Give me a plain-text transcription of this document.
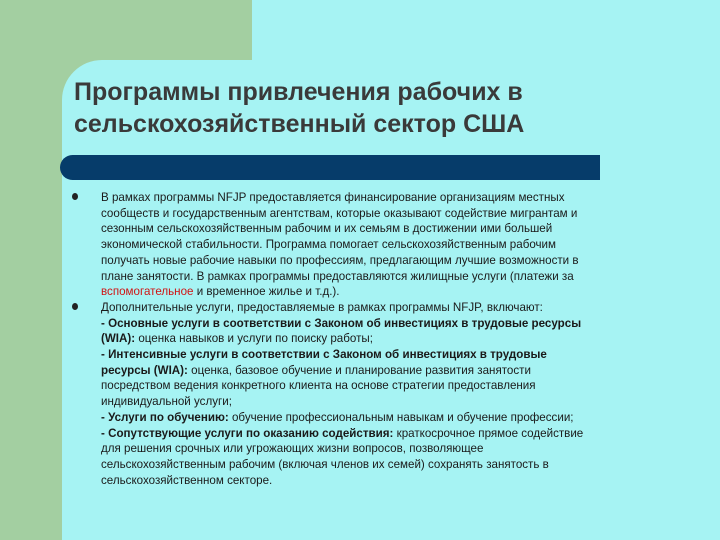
Программы привлечения рабочих в
сельскохозяйственный сектор США
В рамках программы NFJP предоставляется финансирование организациям местных
сообществ и государственным агентствам, которые оказывают содействие мигрантам и
сезонным сельскохозяйственным рабочим и их семьям в достижении ими большей
экономической стабильности. Программа помогает сельскохозяйственным рабочим
получать новые рабочие навыки по профессиям, предлагающим лучшие возможности в
плане занятости. В рамках программы предоставляются жилищные услуги (платежи за
вспомогательное и временное жилье и т.д.).
Дополнительные услуги, предоставляемые в рамках программы NFJP, включают:
- Основные услуги в соответствии с Законом об инвестициях в трудовые ресурсы
(WIA): оценка навыков и услуги по поиску работы;
- Интенсивные услуги в соответствии с Законом об инвестициях в трудовые
ресурсы (WIA): оценка, базовое обучение и планирование развития занятости
посредством ведения конкретного клиента на основе стратегии предоставления
индивидуальной услуги;
- Услуги по обучению: обучение профессиональным навыкам и обучение профессии;
- Сопутствующие услуги по оказанию содействия: краткосрочное прямое содействие
для решения срочных или угрожающих жизни вопросов, позволяющее
сельскохозяйственным рабочим (включая членов их семей) сохранять занятость в
сельскохозяйственном секторе.
